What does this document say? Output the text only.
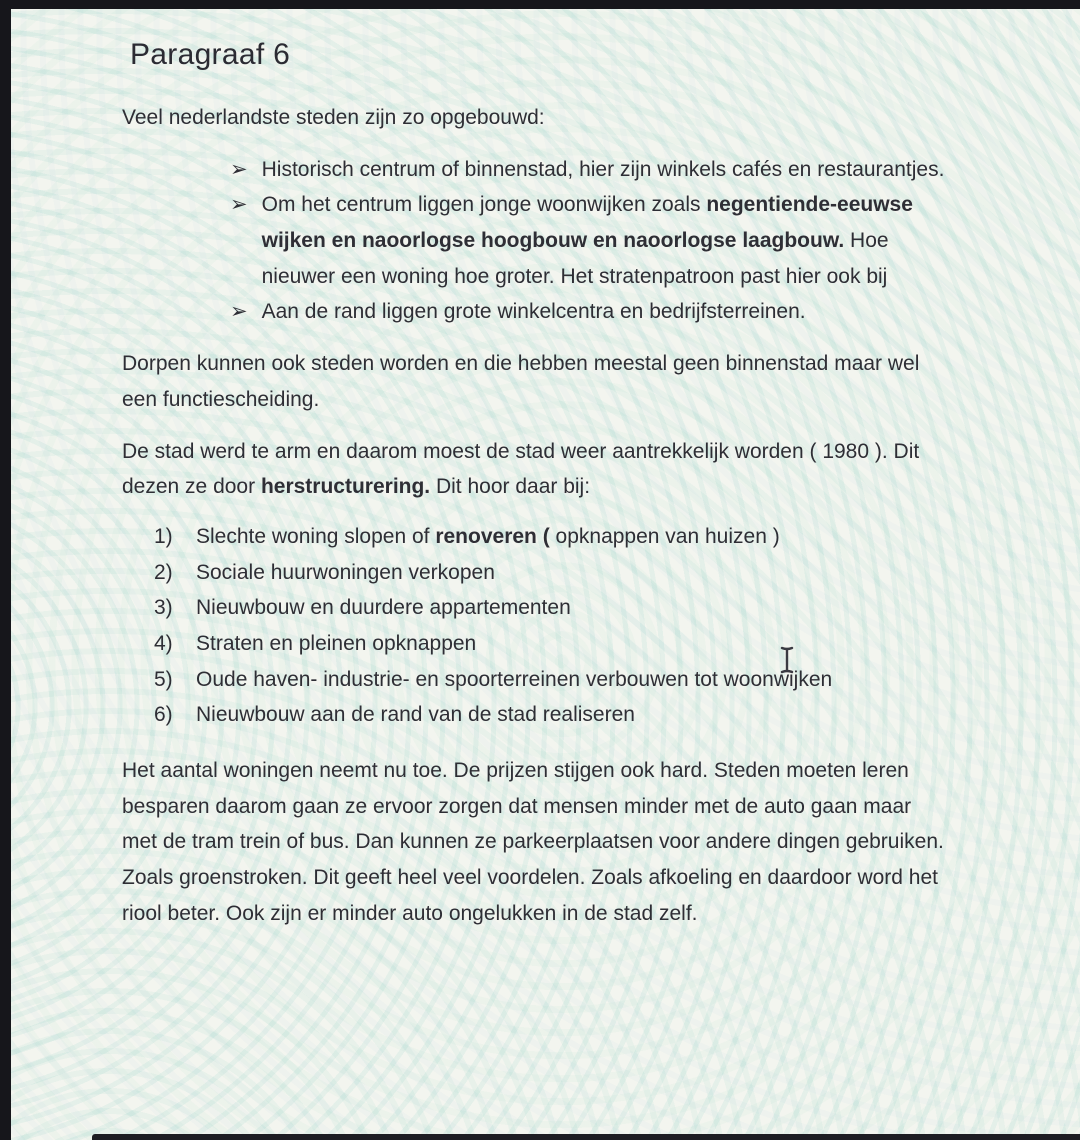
Paragraaf 6

Veel nederlandste steden zijn zo opgebouwd:

➢ Historisch centrum of binnenstad, hier zijn winkels cafés en restaurantjes.
➢ Om het centrum liggen jonge woonwijken zoals negentiende-eeuwse wijken en naoorlogse hoogbouw en naoorlogse laagbouw. Hoe nieuwer een woning hoe groter. Het stratenpatroon past hier ook bij
➢ Aan de rand liggen grote winkelcentra en bedrijfsterreinen.

Dorpen kunnen ook steden worden en die hebben meestal geen binnenstad maar wel een functiescheiding.

De stad werd te arm en daarom moest de stad weer aantrekkelijk worden ( 1980 ). Dit dezen ze door herstructurering. Dit hoor daar bij:

1)	Slechte woning slopen of renoveren ( opknappen van huizen )
2)	Sociale huurwoningen verkopen
3)	Nieuwbouw en duurdere appartementen
4)	Straten en pleinen opknappen
5)	Oude haven- industrie- en spoorterreinen verbouwen tot woonwijken
6)	Nieuwbouw aan de rand van de stad realiseren

Het aantal woningen neemt nu toe. De prijzen stijgen ook hard. Steden moeten leren besparen daarom gaan ze ervoor zorgen dat mensen minder met de auto gaan maar met de tram trein of bus. Dan kunnen ze parkeerplaatsen voor andere dingen gebruiken. Zoals groenstroken. Dit geeft heel veel voordelen. Zoals afkoeling en daardoor word het riool beter. Ook zijn er minder auto ongelukken in de stad zelf.
